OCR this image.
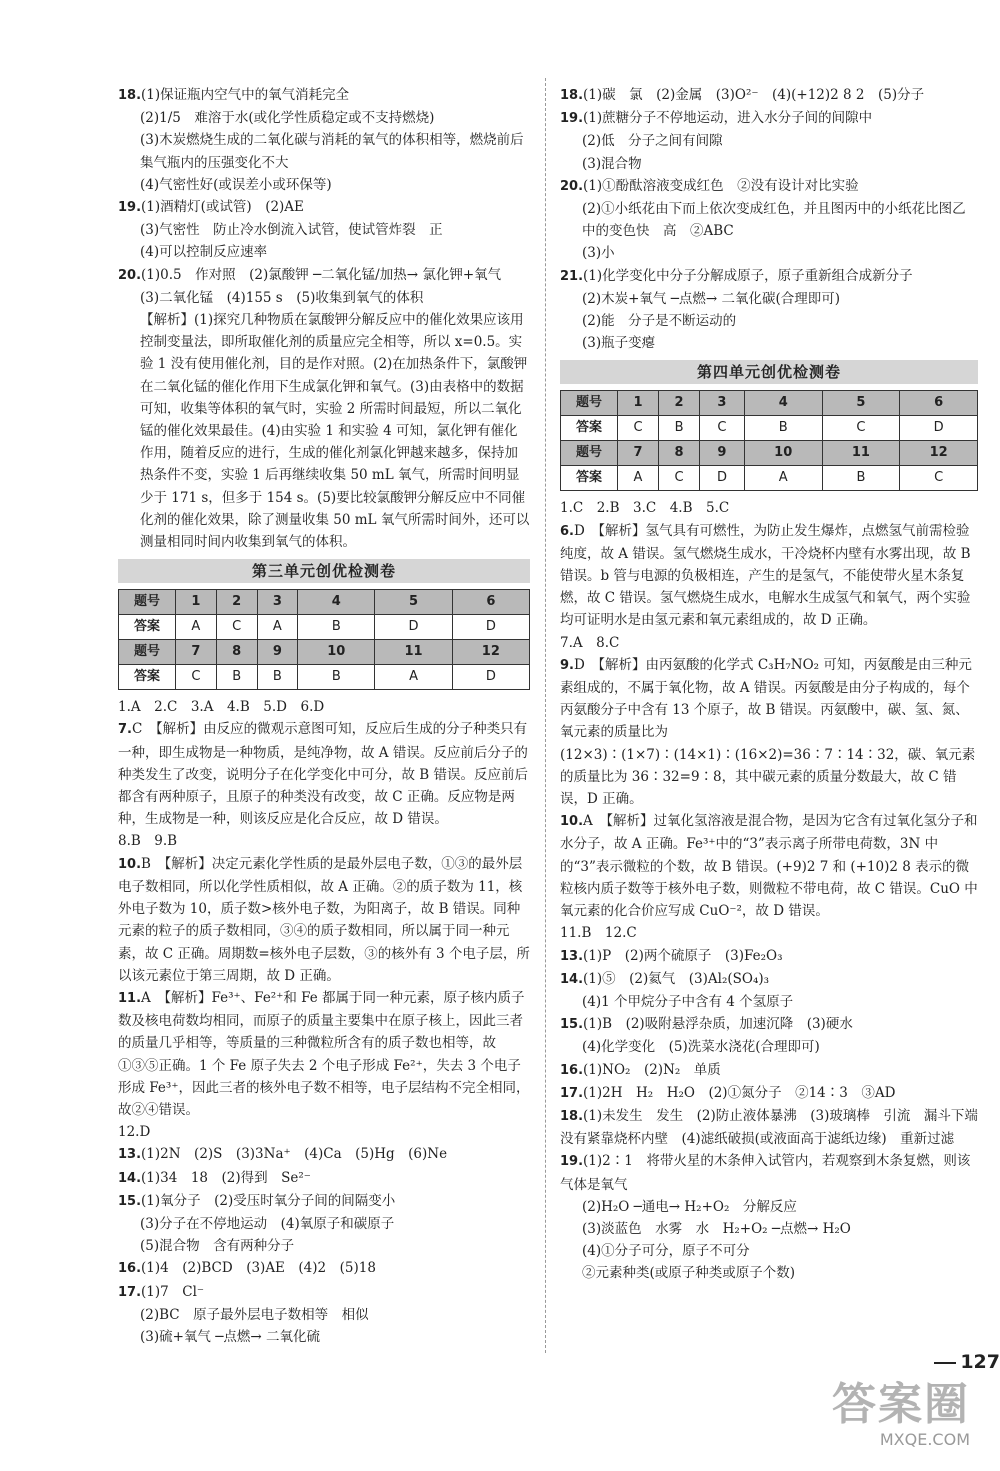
18.(1)保证瓶内空气中的氧气消耗完全

(2)1/5　难溶于水(或化学性质稳定或不支持燃烧)

(3)木炭燃烧生成的二氧化碳与消耗的氧气的体积相等，燃烧前后集气瓶内的压强变化不大

(4)气密性好(或误差小或环保等)

19.(1)酒精灯(或试管)　(2)AE

(3)气密性　防止冷水倒流入试管，使试管炸裂　正

(4)可以控制反应速率

20.(1)0.5　作对照　(2)氯酸钾 ─二氧化锰/加热→ 氯化钾+氧气

(3)二氧化锰　(4)155 s　(5)收集到氧气的体积

【解析】(1)探究几种物质在氯酸钾分解反应中的催化效果应该用控制变量法，即所取催化剂的质量应完全相等，所以 x=0.5。实验 1 没有使用催化剂，目的是作对照。(2)在加热条件下，氯酸钾在二氧化锰的催化作用下生成氯化钾和氧气。(3)由表格中的数据可知，收集等体积的氧气时，实验 2 所需时间最短，所以二氧化锰的催化效果最佳。(4)由实验 1 和实验 4 可知，氯化钾有催化作用，随着反应的进行，生成的催化剂氯化钾越来越多，保持加热条件不变，实验 1 后再继续收集 50 mL 氧气，所需时间明显少于 171 s，但多于 154 s。(5)要比较氯酸钾分解反应中不同催化剂的催化效果，除了测量收集 50 mL 氧气所需时间外，还可以测量相同时间内收集到氧气的体积。

第三单元创优检测卷
题号	1	2	3	4	5	6
答案	A	C	A	B	D	D
题号	7	8	9	10	11	12
答案	C	B	B	B	A	D

1.A　2.C　3.A　4.B　5.D　6.D

7.C　【解析】由反应的微观示意图可知，反应后生成的分子种类只有一种，即生成物是一种物质，是纯净物，故 A 错误。反应前后分子的种类发生了改变，说明分子在化学变化中可分，故 B 错误。反应前后都含有两种原子，且原子的种类没有改变，故 C 正确。反应物是两种，生成物是一种，则该反应是化合反应，故 D 错误。

8.B　9.B

10.B　【解析】决定元素化学性质的是最外层电子数，①③的最外层电子数相同，所以化学性质相似，故 A 正确。②的质子数为 11，核外电子数为 10，质子数>核外电子数，为阳离子，故 B 错误。同种元素的粒子的质子数相同，③④的质子数相同，所以属于同一种元素，故 C 正确。周期数=核外电子层数，③的核外有 3 个电子层，所以该元素位于第三周期，故 D 正确。

11.A　【解析】Fe³⁺、Fe²⁺和 Fe 都属于同一种元素，原子核内质子数及核电荷数均相同，而原子的质量主要集中在原子核上，因此三者的质量几乎相等，等质量的三种微粒所含有的质子数也相等，故①③⑤正确。1 个 Fe 原子失去 2 个电子形成 Fe²⁺，失去 3 个电子形成 Fe³⁺，因此三者的核外电子数不相等，电子层结构不完全相同，故②④错误。

12.D

13.(1)2N　(2)S　(3)3Na⁺　(4)Ca　(5)Hg　(6)Ne

14.(1)34　18　(2)得到　Se²⁻

15.(1)氧分子　(2)受压时氧分子间的间隔变小

(3)分子在不停地运动　(4)氧原子和碳原子

(5)混合物　含有两种分子

16.(1)4　(2)BCD　(3)AE　(4)2　(5)18

17.(1)7　Cl⁻

(2)BC　原子最外层电子数相等　相似

(3)硫+氧气 ─点燃→ 二氧化硫

18.(1)碳　氯　(2)金属　(3)O²⁻　(4)(+12)2 8 2　(5)分子

19.(1)蔗糖分子不停地运动，进入水分子间的间隙中

(2)低　分子之间有间隙

(3)混合物

20.(1)①酚酞溶液变成红色　②没有设计对比实验

(2)①小纸花由下而上依次变成红色，并且图丙中的小纸花比图乙中的变色快　高　②ABC

(3)小

21.(1)化学变化中分子分解成原子，原子重新组合成新分子

(2)木炭+氧气 ─点燃→ 二氧化碳(合理即可)

(2)能　分子是不断运动的

(3)瓶子变瘪

第四单元创优检测卷
题号	1	2	3	4	5	6
答案	C	B	C	B	C	D
题号	7	8	9	10	11	12
答案	A	C	D	A	B	C

1.C　2.B　3.C　4.B　5.C

6.D　【解析】氢气具有可燃性，为防止发生爆炸，点燃氢气前需检验纯度，故 A 错误。氢气燃烧生成水，干冷烧杯内壁有水雾出现，故 B 错误。b 管与电源的负极相连，产生的是氢气，不能使带火星木条复燃，故 C 错误。氢气燃烧生成水，电解水生成氢气和氧气，两个实验均可证明水是由氢元素和氧元素组成的，故 D 正确。

7.A　8.C

9.D　【解析】由丙氨酸的化学式 C₃H₇NO₂ 可知，丙氨酸是由三种元素组成的，不属于氧化物，故 A 错误。丙氨酸是由分子构成的，每个丙氨酸分子中含有 13 个原子，故 B 错误。丙氨酸中，碳、氢、氮、氧元素的质量比为(12×3)∶(1×7)∶(14×1)∶(16×2)=36∶7∶14∶32，碳、氧元素的质量比为 36∶32=9∶8，其中碳元素的质量分数最大，故 C 错误，D 正确。

10.A　【解析】过氧化氢溶液是混合物，是因为它含有过氧化氢分子和水分子，故 A 正确。Fe³⁺中的“3”表示离子所带电荷数，3N 中的“3”表示微粒的个数，故 B 错误。(+9)2 7 和 (+10)2 8 表示的微粒核内质子数等于核外电子数，则微粒不带电荷，故 C 错误。CuO 中氧元素的化合价应写成 CuO⁻²，故 D 错误。

11.B　12.C

13.(1)P　(2)两个硫原子　(3)Fe₂O₃

14.(1)⑤　(2)氦气　(3)Al₂(SO₄)₃

(4)1 个甲烷分子中含有 4 个氢原子

15.(1)B　(2)吸附悬浮杂质，加速沉降　(3)硬水

(4)化学变化　(5)洗菜水浇花(合理即可)

16.(1)NO₂　(2)N₂　单质

17.(1)2H　H₂　H₂O　(2)①氮分子　②14∶3　③AD

18.(1)未发生　发生　(2)防止液体暴沸　(3)玻璃棒　引流　漏斗下端没有紧靠烧杯内壁　(4)滤纸破损(或液面高于滤纸边缘)　重新过滤

19.(1)2∶1　将带火星的木条伸入试管内，若观察到木条复燃，则该气体是氧气

(2)H₂O ─通电→ H₂+O₂　分解反应

(3)淡蓝色　水雾　水　H₂+O₂ ─点燃→ H₂O

(4)①分子可分，原子不可分

②元素种类(或原子种类或原子个数)

127
答案圈
MXQE.COM
